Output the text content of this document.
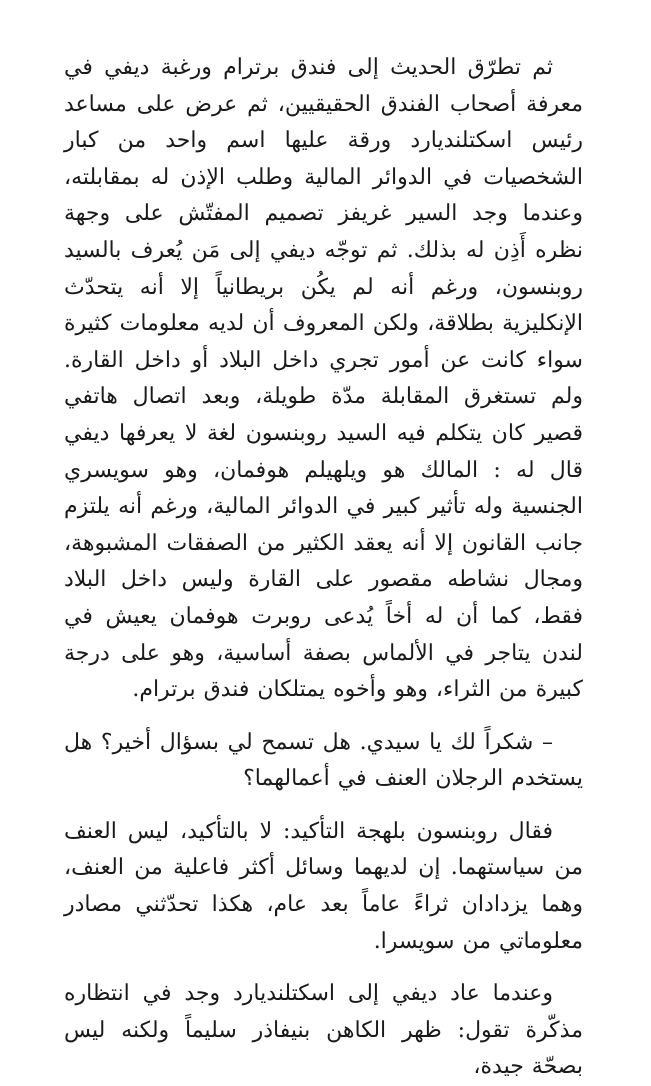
ثم تطرّق الحديث إلى فندق برترام ورغبة ديفي في معرفة أصحاب الفندق الحقيقيين، ثم عرض على مساعد رئيس اسكتلنديارد ورقة عليها اسم واحد من كبار الشخصيات في الدوائر المالية وطلب الإذن له بمقابلته، وعندما وجد السير غريفز تصميم المفتّش على وجهة نظره أَذِن له بذلك. ثم توجّه ديفي إلى مَن يُعرف بالسيد روبنسون، ورغم أنه لم يكُن بريطانياً إلا أنه يتحدّث الإنكليزية بطلاقة، ولكن المعروف أن لديه معلومات كثيرة سواء كانت عن أمور تجري داخل البلاد أو داخل القارة. ولم تستغرق المقابلة مدّة طويلة، وبعد اتصال هاتفي قصير كان يتكلم فيه السيد روبنسون لغة لا يعرفها ديفي قال له : المالك هو ويلهيلم هوفمان، وهو سويسري الجنسية وله تأثير كبير في الدوائر المالية، ورغم أنه يلتزم جانب القانون إلا أنه يعقد الكثير من الصفقات المشبوهة، ومجال نشاطه مقصور على القارة وليس داخل البلاد فقط، كما أن له أخاً يُدعى روبرت هوفمان يعيش في لندن يتاجر في الألماس بصفة أساسية، وهو على درجة كبيرة من الثراء، وهو وأخوه يمتلكان فندق برترام.

– شكراً لك يا سيدي. هل تسمح لي بسؤال أخير؟ هل يستخدم الرجلان العنف في أعمالهما؟

فقال روبنسون بلهجة التأكيد: لا بالتأكيد، ليس العنف من سياستهما. إن لديهما وسائل أكثر فاعلية من العنف، وهما يزدادان ثراءً عاماً بعد عام، هكذا تحدّثني مصادر معلوماتي من سويسرا.

وعندما عاد ديفي إلى اسكتلنديارد وجد في انتظاره مذكّرة تقول: ظهر الكاهن بنيفاذر سليماً ولكنه ليس بصحّة جيدة،
